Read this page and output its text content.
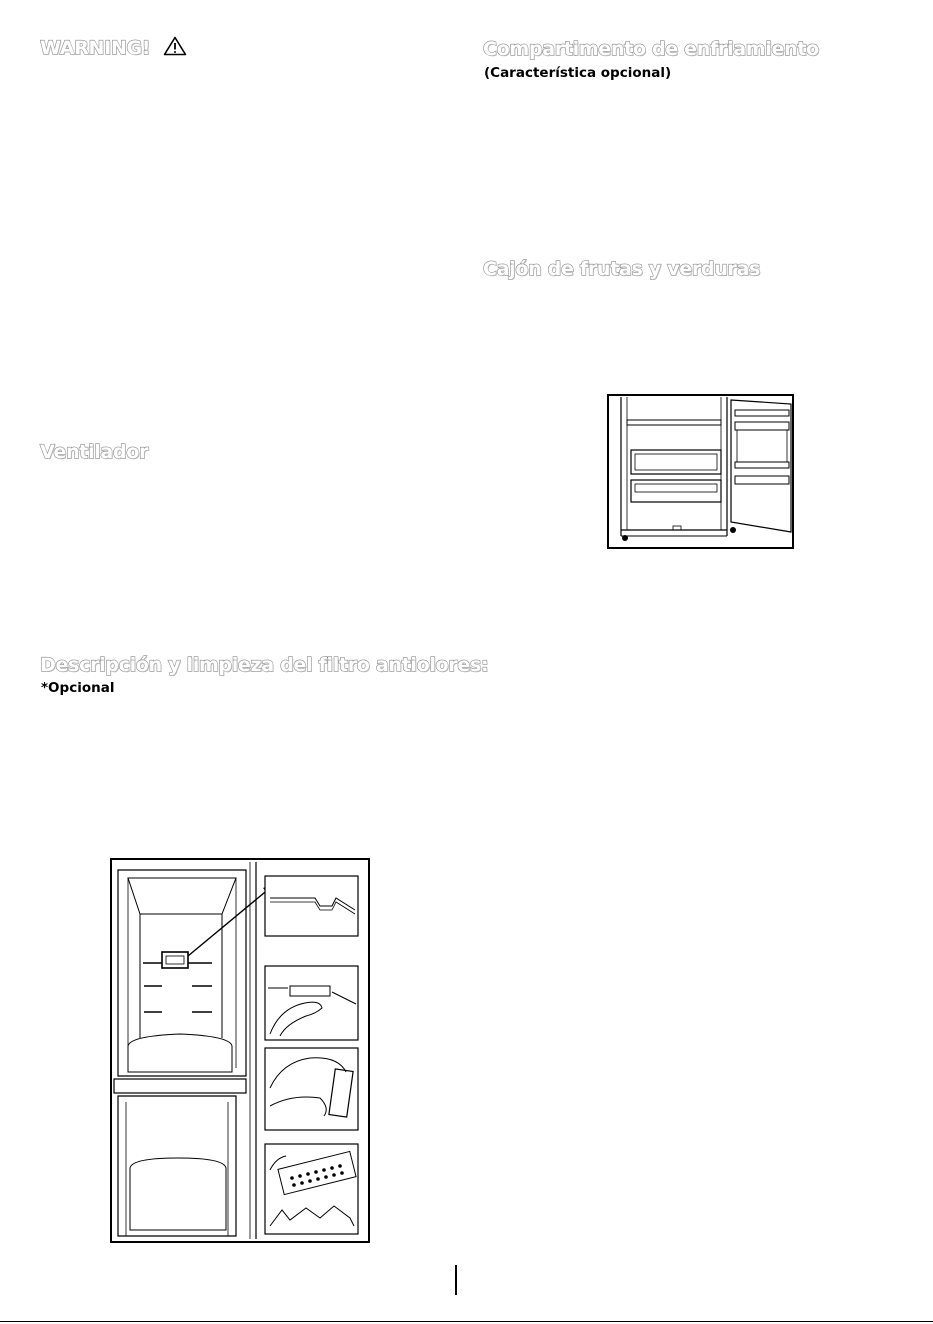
WARNING!
Ventilador
Descripción y limpieza del filtro antiolores:
*Opcional
Compartimento de enfriamiento
(Característica opcional)
Cajón de frutas y verduras
